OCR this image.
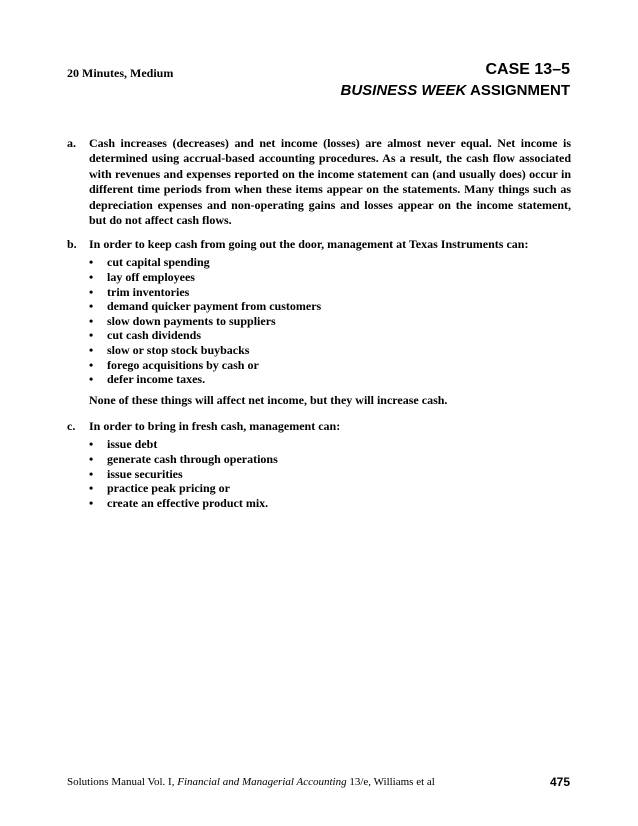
20 Minutes, Medium	CASE 13–5
BUSINESS WEEK ASSIGNMENT
a. Cash increases (decreases) and net income (losses) are almost never equal. Net income is determined using accrual-based accounting procedures. As a result, the cash flow associated with revenues and expenses reported on the income statement can (and usually does) occur in different time periods from when these items appear on the statements. Many things such as depreciation expenses and non-operating gains and losses appear on the income statement, but do not affect cash flows.
b. In order to keep cash from going out the door, management at Texas Instruments can:
• cut capital spending
• lay off employees
• trim inventories
• demand quicker payment from customers
• slow down payments to suppliers
• cut cash dividends
• slow or stop stock buybacks
• forego acquisitions by cash or
• defer income taxes.
None of these things will affect net income, but they will increase cash.
c. In order to bring in fresh cash, management can:
• issue debt
• generate cash through operations
• issue securities
• practice peak pricing or
• create an effective product mix.
Solutions Manual Vol. I, Financial and Managerial Accounting 13/e, Williams et al	475
